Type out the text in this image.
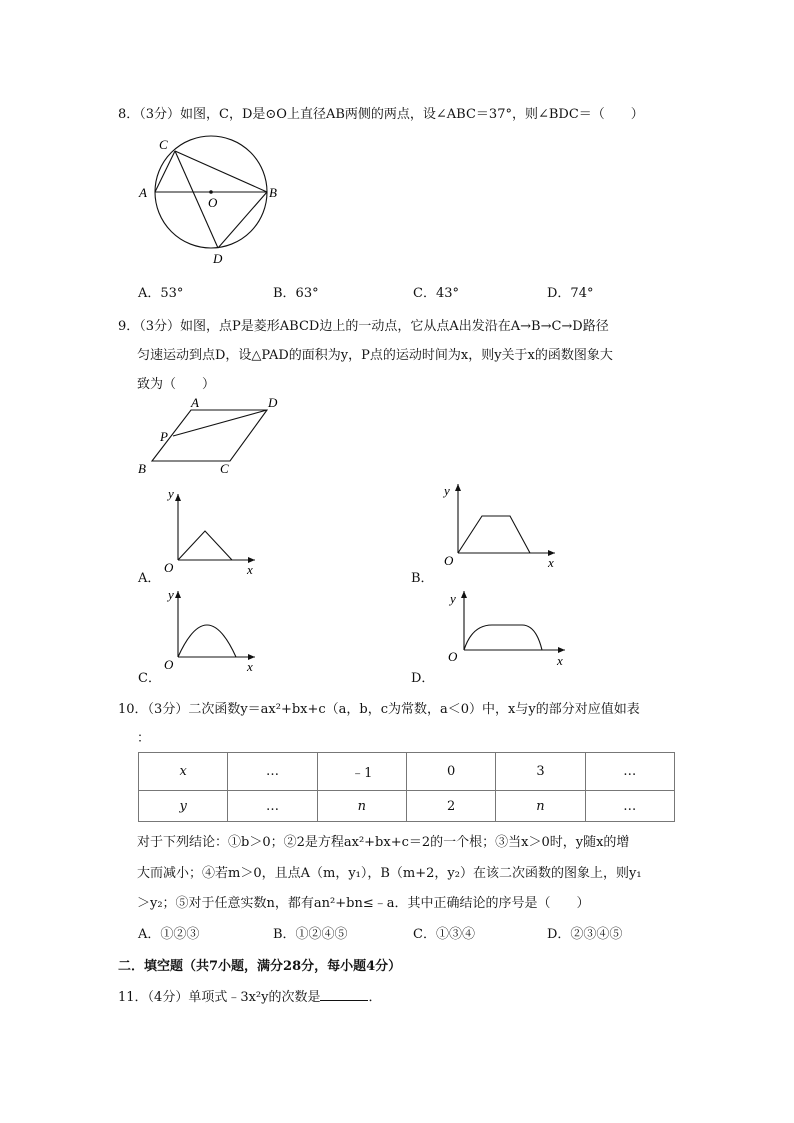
8．（3分）如图，C，D是⊙O上直径AB两侧的两点，设∠ABC＝37°，则∠BDC＝（　　）
C
A
O
B
D
A．53°	B．63°	C．43°	D．74°
9．（3分）如图，点P是菱形ABCD边上的一动点，它从点A出发沿在A→B→C→D路径
匀速运动到点D，设△PAD的面积为y，P点的运动时间为x，则y关于x的函数图象大
致为（　　）
A	D
P
B	C
y
O	x
A．
y
O	x
B．
y
O	x
C．
y
O	x
D．
10．（3分）二次函数y＝ax²+bx+c（a，b，c为常数，a＜0）中，x与y的部分对应值如表
：
x	…	﹣1	0	3	…
y	…	n	2	n	…
对于下列结论：①b＞0；②2是方程ax²+bx+c＝2的一个根；③当x＞0时，y随x的增
大而减小；④若m＞0，且点A（m，y₁），B（m+2，y₂）在该二次函数的图象上，则y₁
＞y₂；⑤对于任意实数n，都有an²+bn≤﹣a．其中正确结论的序号是（　　）
A．①②③	B．①②④⑤	C．①③④	D．②③④⑤
二．填空题（共7小题，满分28分，每小题4分）
11．（4分）单项式﹣3x²y的次数是	．
